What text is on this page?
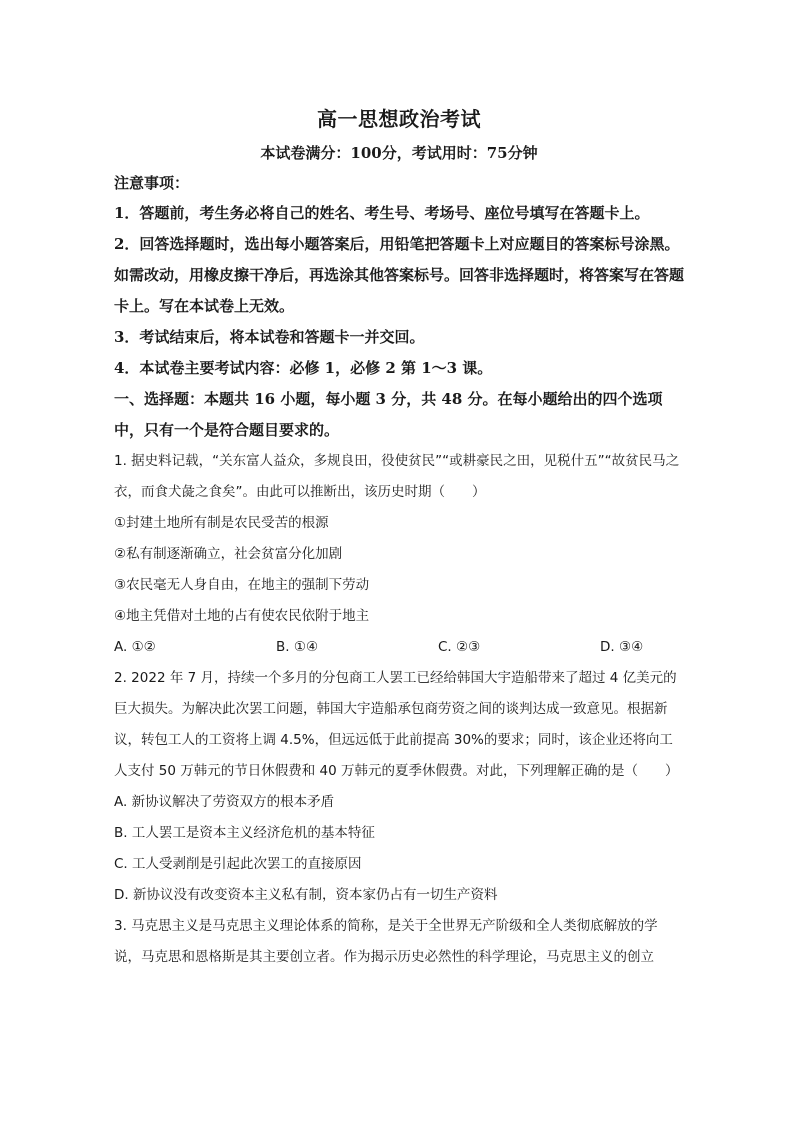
高一思想政治考试
本试卷满分：100分，考试用时：75分钟
注意事项：

1．答题前，考生务必将自己的姓名、考生号、考场号、座位号填写在答题卡上。

2．回答选择题时，选出每小题答案后，用铅笔把答题卡上对应题目的答案标号涂黑。如需改动，用橡皮擦干净后，再选涂其他答案标号。回答非选择题时，将答案写在答题卡上。写在本试卷上无效。

3．考试结束后，将本试卷和答题卡一并交回。

4．本试卷主要考试内容：必修 1，必修 2 第 1～3 课。

一、选择题：本题共 16 小题，每小题 3 分，共 48 分。在每小题给出的四个选项中，只有一个是符合题目要求的。

1. 据史料记载，“关东富人益众，多规良田，役使贫民”“或耕豪民之田，见税什五”“故贫民马之衣，而食犬彘之食矣”。由此可以推断出，该历史时期（　　）

①封建土地所有制是农民受苦的根源

②私有制逐渐确立，社会贫富分化加剧

③农民毫无人身自由，在地主的强制下劳动

④地主凭借对土地的占有使农民依附于地主

A. ①②	B. ①④	C. ②③	D. ③④

2. 2022 年 7 月，持续一个多月的分包商工人罢工已经给韩国大宇造船带来了超过 4 亿美元的巨大损失。为解决此次罢工问题，韩国大宇造船承包商劳资之间的谈判达成一致意见。根据新议，转包工人的工资将上调 4.5%，但远远低于此前提高 30%的要求；同时，该企业还将向工人支付 50 万韩元的节日休假费和 40 万韩元的夏季休假费。对此，下列理解正确的是（　　）

A. 新协议解决了劳资双方的根本矛盾

B. 工人罢工是资本主义经济危机的基本特征

C. 工人受剥削是引起此次罢工的直接原因

D. 新协议没有改变资本主义私有制，资本家仍占有一切生产资料

3. 马克思主义是马克思主义理论体系的简称，是关于全世界无产阶级和全人类彻底解放的学说，马克思和恩格斯是其主要创立者。作为揭示历史必然性的科学理论，马克思主义的创立
